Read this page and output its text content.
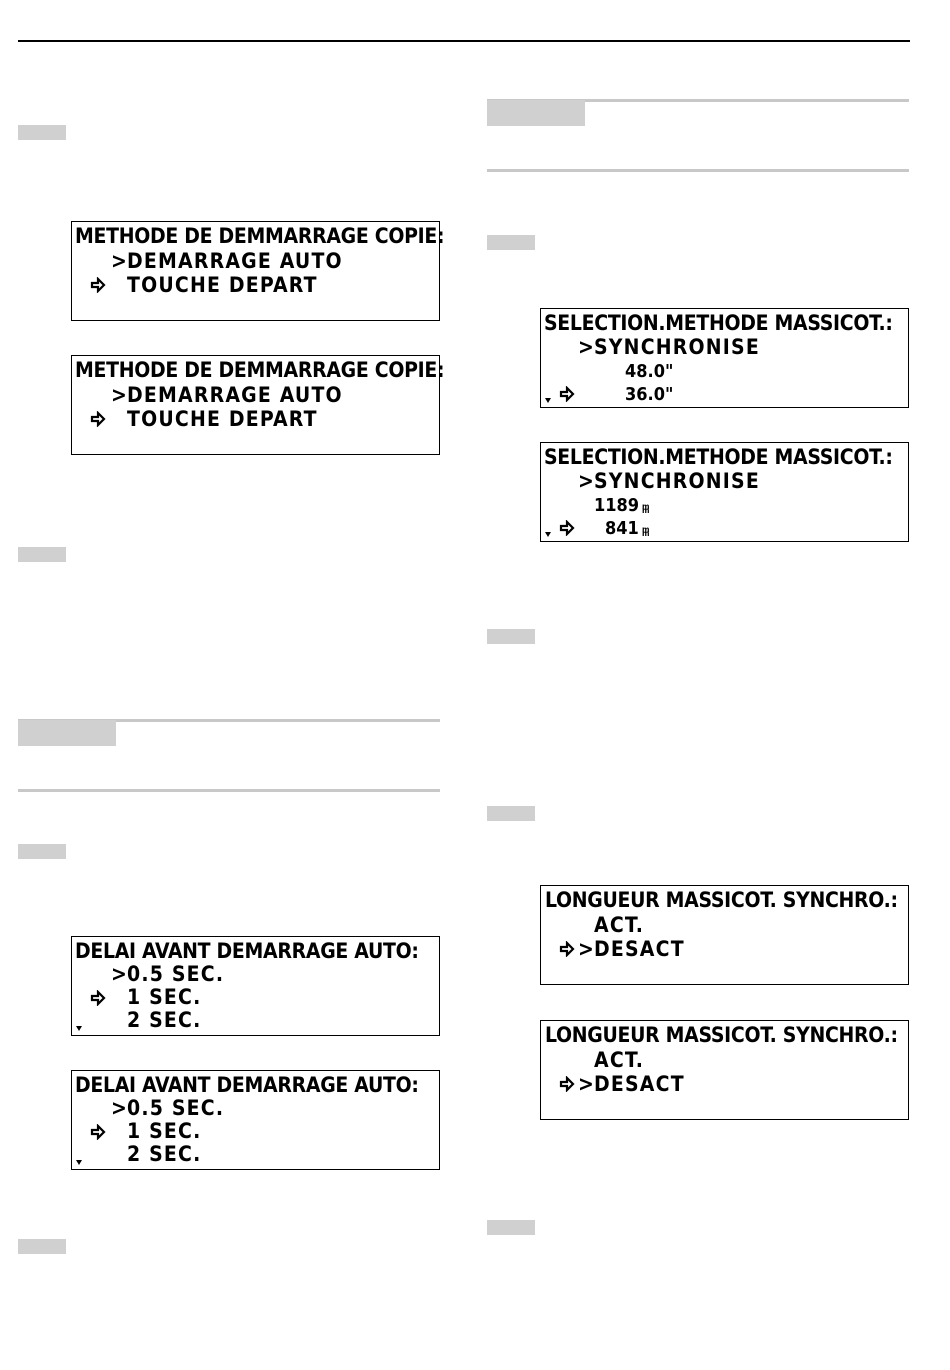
METHODE DE DEMMARRAGE COPIE:
>
DEMARRAGE AUTO
TOUCHE DEPART
METHODE DE DEMMARRAGE COPIE:
>
DEMARRAGE AUTO
TOUCHE DEPART
DELAI AVANT DEMARRAGE AUTO:
>
0.5 SEC.
1 SEC.
2 SEC.
DELAI AVANT DEMARRAGE AUTO:
>
0.5 SEC.
1 SEC.
2 SEC.
SELECTION.METHODE MASSICOT.:
>
SYNCHRONISE
48.0"
36.0"
SELECTION.METHODE MASSICOT.:
>
SYNCHRONISE
1189 mm
841 mm
LONGUEUR MASSICOT. SYNCHRO.:
ACT.
>
DESACT
LONGUEUR MASSICOT. SYNCHRO.:
ACT.
>
DESACT
